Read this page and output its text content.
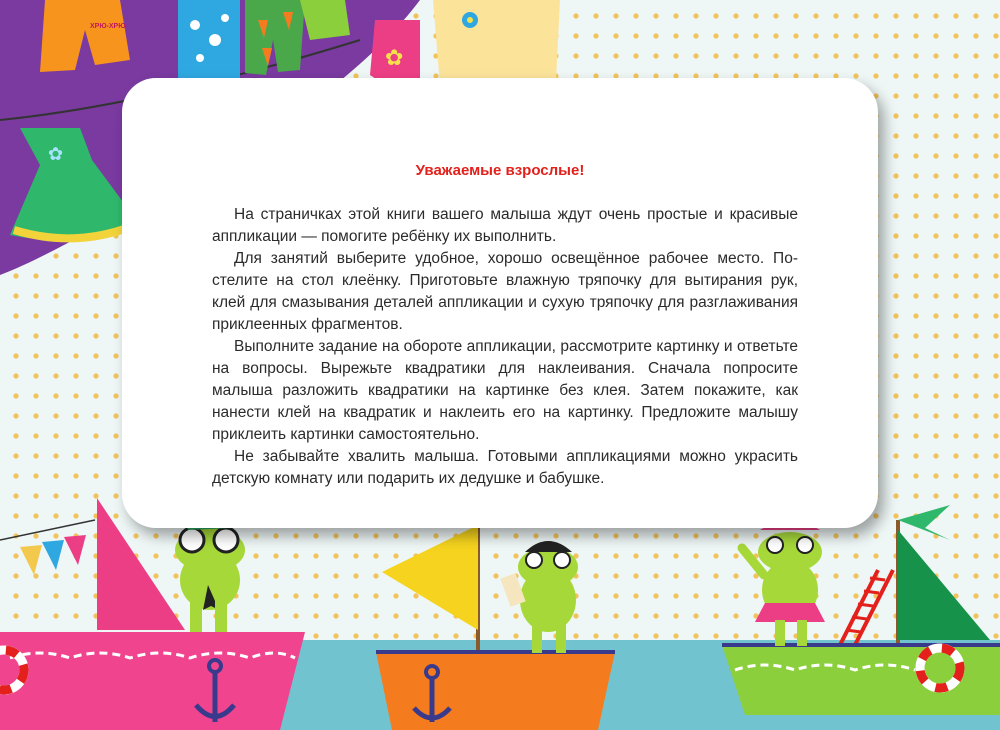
✿
ХРЮ-ХРЮ
✿
Уважаемые взрослые!

На страничках этой книги вашего малыша ждут очень простые и красивые аппликации — помогите ребёнку их выполнить.

Для занятий выберите удобное, хорошо освещённое рабочее место. Постелите на стол клеёнку. Приготовьте влажную тряпочку для вытирания рук, клей для смазывания деталей аппликации и сухую тряпочку для разглаживания приклеенных фрагментов.

Выполните задание на обороте аппликации, рассмотрите картинку и ответьте на вопросы. Вырежьте квадратики для наклеивания. Сначала попросите малыша разложить квадратики на картинке без клея. Затем покажите, как нанести клей на квадратик и наклеить его на картинку. Предложите малышу приклеить картинки самостоятельно.

Не забывайте хвалить малыша. Готовыми аппликациями можно украсить детскую комнату или подарить их дедушке и бабушке.
